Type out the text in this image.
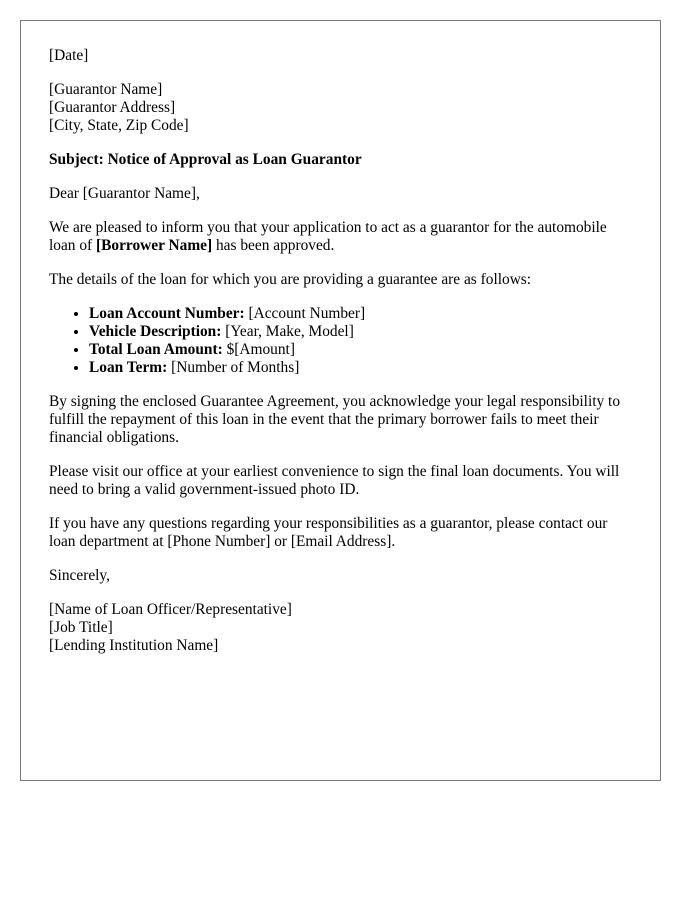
[Date]

[Guarantor Name]
[Guarantor Address]
[City, State, Zip Code]

Subject: Notice of Approval as Loan Guarantor

Dear [Guarantor Name],

We are pleased to inform you that your application to act as a guarantor for the automobile loan of [Borrower Name] has been approved.

The details of the loan for which you are providing a guarantee are as follows:

• Loan Account Number: [Account Number]
• Vehicle Description: [Year, Make, Model]
• Total Loan Amount: $[Amount]
• Loan Term: [Number of Months]

By signing the enclosed Guarantee Agreement, you acknowledge your legal responsibility to fulfill the repayment of this loan in the event that the primary borrower fails to meet their financial obligations.

Please visit our office at your earliest convenience to sign the final loan documents. You will need to bring a valid government-issued photo ID.

If you have any questions regarding your responsibilities as a guarantor, please contact our loan department at [Phone Number] or [Email Address].

Sincerely,

[Name of Loan Officer/Representative]
[Job Title]
[Lending Institution Name]
